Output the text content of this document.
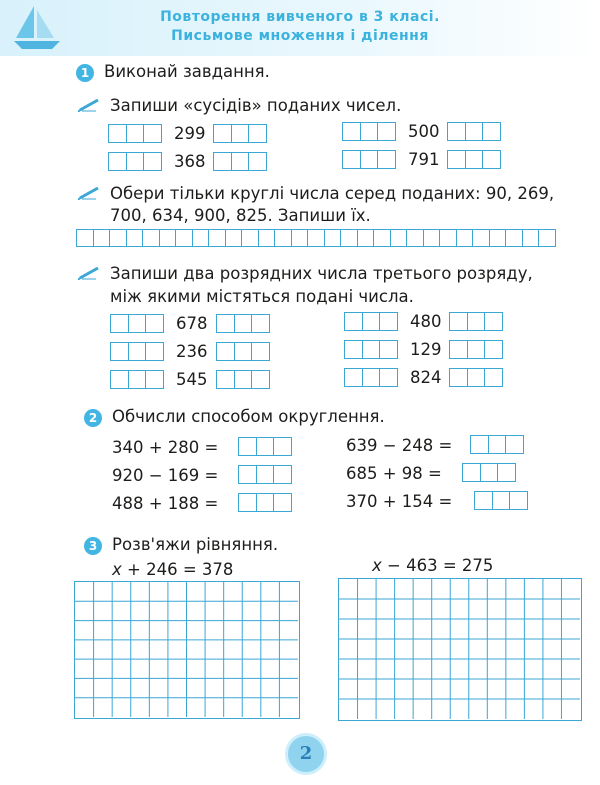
Повторення вивченого в 3 класі.
Письмове множення і ділення
1 Виконай завдання.
Запиши «сусідів» поданих чисел.
299
368
500
791
Обери тільки круглі числа серед поданих: 90, 269,
700, 634, 900, 825. Запиши їх.
Запиши два розрядних числа третього розряду,
між якими містяться подані числа.
678
236
545
480
129
824
2 Обчисли способом округлення.
340 + 280 =
920 − 169 =
488 + 188 =
639 − 248 =
685 + 98 =
370 + 154 =
3 Розв'яжи рівняння.
x + 246 = 378	x − 463 = 275
2
